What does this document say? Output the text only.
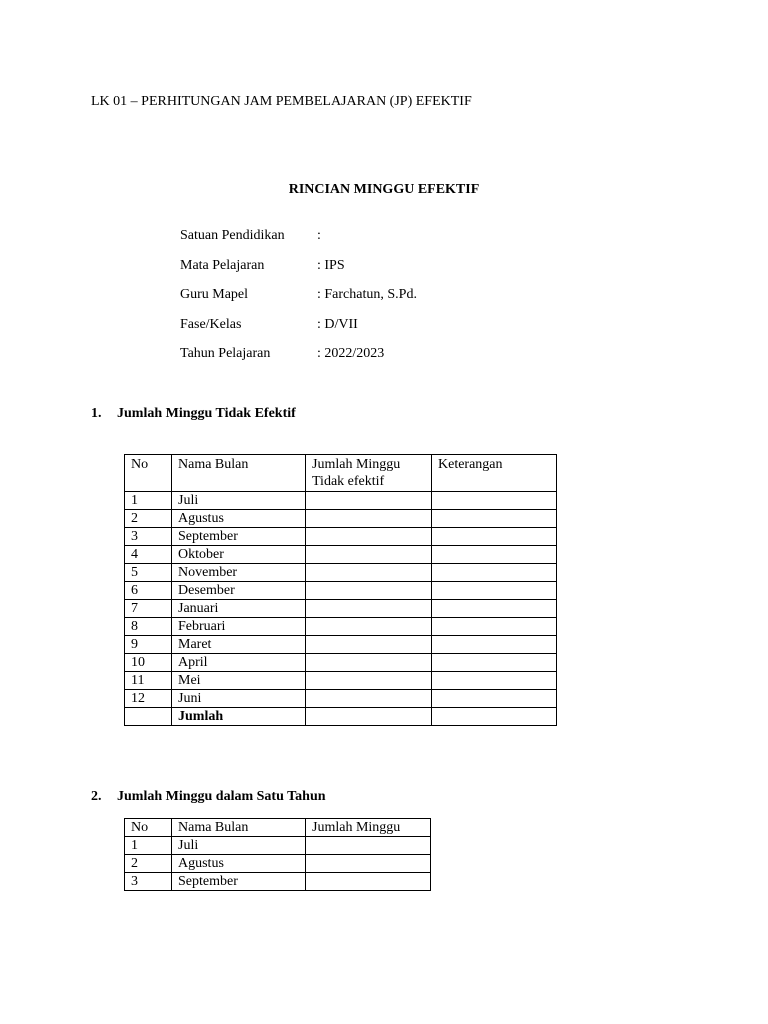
LK 01 – PERHITUNGAN JAM PEMBELAJARAN (JP) EFEKTIF
RINCIAN MINGGU EFEKTIF
Satuan Pendidikan	:
Mata Pelajaran	: IPS
Guru Mapel	: Farchatun, S.Pd.
Fase/Kelas	: D/VII
Tahun Pelajaran	: 2022/2023
1. Jumlah Minggu Tidak Efektif
No	Nama Bulan	Jumlah Minggu Tidak efektif	Keterangan
1	Juli		
2	Agustus		
3	September		
4	Oktober		
5	November		
6	Desember		
7	Januari		
8	Februari		
9	Maret		
10	April		
11	Mei		
12	Juni		
	Jumlah		
2. Jumlah Minggu dalam Satu Tahun
No	Nama Bulan	Jumlah Minggu
1	Juli	
2	Agustus	
3	September	
